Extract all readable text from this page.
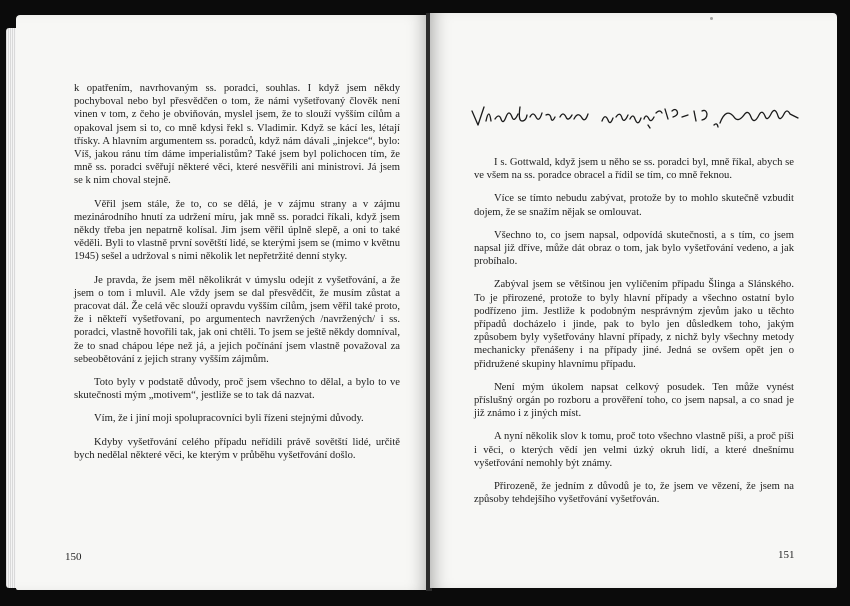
k opatřením, navrhovaným ss. poradci, souhlas. I když jsem někdy pochyboval nebo byl přesvědčen o tom, že námi vyšetřovaný člověk není vinen v tom, z čeho je obviňován, myslel jsem, že to slouží vyšším cílům a opakoval jsem si to, co mně kdysi řekl s. Vladimir. Když se kácí les, létají třísky. A hlavním argumentem ss. poradců, když nám dávali „injekce“, bylo: Víš, jakou ránu tím dáme imperialistům? Také jsem byl polichocen tím, že mně ss. poradci svěřují některé věci, které nesvěřili ani ministrovi. Já jsem se k nim choval stejně.

Věřil jsem stále, že to, co se dělá, je v zájmu strany a v zájmu mezinárodního hnutí za udržení míru, jak mně ss. poradci říkali, když jsem někdy třeba jen nepatrně kolísal. Jim jsem věřil úplně slepě, a oni to také věděli. Byli to vlastně první sovětští lidé, se kterými jsem se (mimo v květnu 1945) sešel a udržoval s nimi několik let nepřetržité denní styky.

Je pravda, že jsem měl několikrát v úmyslu odejít z vyšetřování, a že jsem o tom i mluvil. Ale vždy jsem se dal přesvědčit, že musím zůstat a pracovat dál. Že celá věc slouží opravdu vyšším cílům, jsem věřil také proto, že i někteří vyšetřovaní, po argumentech navržených /navržených/ i ss. poradci, vlastně hovořili tak, jak oni chtěli. To jsem se ještě někdy domníval, že to snad chápou lépe než já, a jejich počínání jsem vlastně považoval za sebeobětování z jejich strany vyšším zájmům.

Toto byly v podstatě důvody, proč jsem všechno to dělal, a bylo to ve skutečnosti mým „motivem“, jestliže se to tak dá nazvat.

Vím, že i jiní moji spolupracovníci byli řízeni stejnými důvody.

Kdyby vyšetřování celého případu neřídili právě sovětští lidé, určitě bych nedělal některé věci, ke kterým v průběhu vyšetřování došlo.

150

I s. Gottwald, když jsem u něho se ss. poradci byl, mně říkal, abych se ve všem na ss. poradce obracel a řídil se tím, co mně řeknou.

Více se tímto nebudu zabývat, protože by to mohlo skutečně vzbudit dojem, že se snažím nějak se omlouvat.

Všechno to, co jsem napsal, odpovídá skutečnosti, a s tím, co jsem napsal již dříve, může dát obraz o tom, jak bylo vyšetřování vedeno, a jak probíhalo.

Zabýval jsem se většinou jen vylíčením případu Šlinga a Slánského. To je přirozené, protože to byly hlavní případy a všechno ostatní bylo podřízeno jim. Jestliže k podobným nesprávným zjevům jako u těchto případů docházelo i jinde, pak to bylo jen důsledkem toho, jakým způsobem byly vyšetřovány hlavní případy, z nichž byly všechny metody mechanicky přenášeny i na případy jiné. Jedná se ovšem opět jen o přidružené skupiny hlavnímu případu.

Není mým úkolem napsat celkový posudek. Ten může vynést příslušný orgán po rozboru a prověření toho, co jsem napsal, a co snad je již známo i z jiných míst.

A nyní několik slov k tomu, proč toto všechno vlastně píši, a proč píši i věci, o kterých vědí jen velmi úzký okruh lidí, a které dnešnímu vyšetřování nemohly být známy.

Přirozeně, že jedním z důvodů je to, že jsem ve vězení, že jsem na způsoby tehdejšího vyšetřování vyšetřován.

151
